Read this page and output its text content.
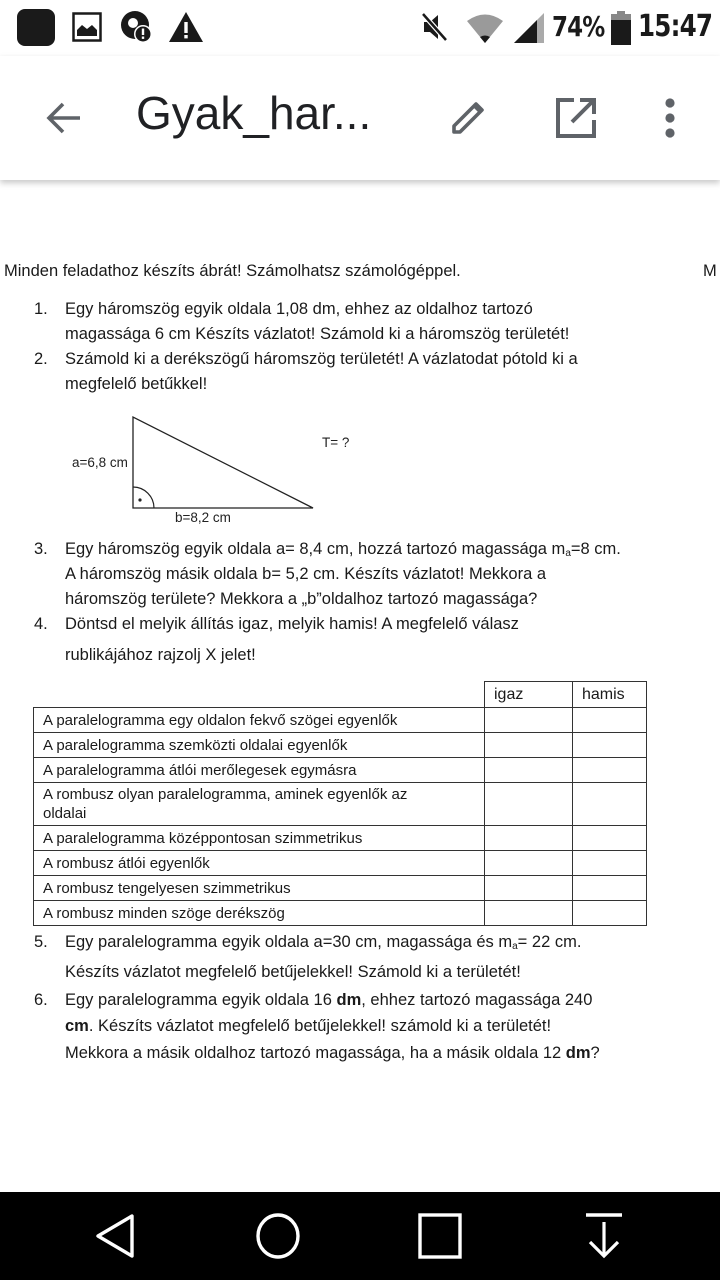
74% 15:47
Gyak_har...
Minden feladathoz készíts ábrát! Számolhatsz számológéppel.	M
1. Egy háromszög egyik oldala 1,08 dm, ehhez az oldalhoz tartozó
magassága 6 cm Készíts vázlatot! Számold ki a háromszög területét!
2. Számold ki a derékszögű háromszög területét! A vázlatodat pótold ki a
megfelelő betűkkel!
a=6,8 cm
b=8,2 cm
T= ?
3. Egy háromszög egyik oldala a= 8,4 cm, hozzá tartozó magassága $m_a=8$ cm.
A háromszög másik oldala b= 5,2 cm. Készíts vázlatot! Mekkora a
háromszög területe? Mekkora a „b”oldalhoz tartozó magassága?
4. Döntsd el melyik állítás igaz, melyik hamis! A megfelelő válasz
rublikájához rajzolj X jelet!
	igaz	hamis
A paralelogramma egy oldalon fekvő szögei egyenlők		
A paralelogramma szemközti oldalai egyenlők		
A paralelogramma átlói merőlegesek egymásra		

A rombusz olyan paralelogramma, aminek egyenlők az
oldalai		

A paralelogramma középpontosan szimmetrikus		
A rombusz átlói egyenlők		
A rombusz tengelyesen szimmetrikus		
A rombusz minden szöge derékszög		
5. Egy paralelogramma egyik oldala a=30 cm, magassága és $m_a= 22$ cm.
Készíts vázlatot megfelelő betűjelekkel! Számold ki a területét!
6. Egy paralelogramma egyik oldala 16 dm, ehhez tartozó magassága 240
cm. Készíts vázlatot megfelelő betűjelekkel! számold ki a területét!
Mekkora a másik oldalhoz tartozó magassága, ha a másik oldala 12 dm?
